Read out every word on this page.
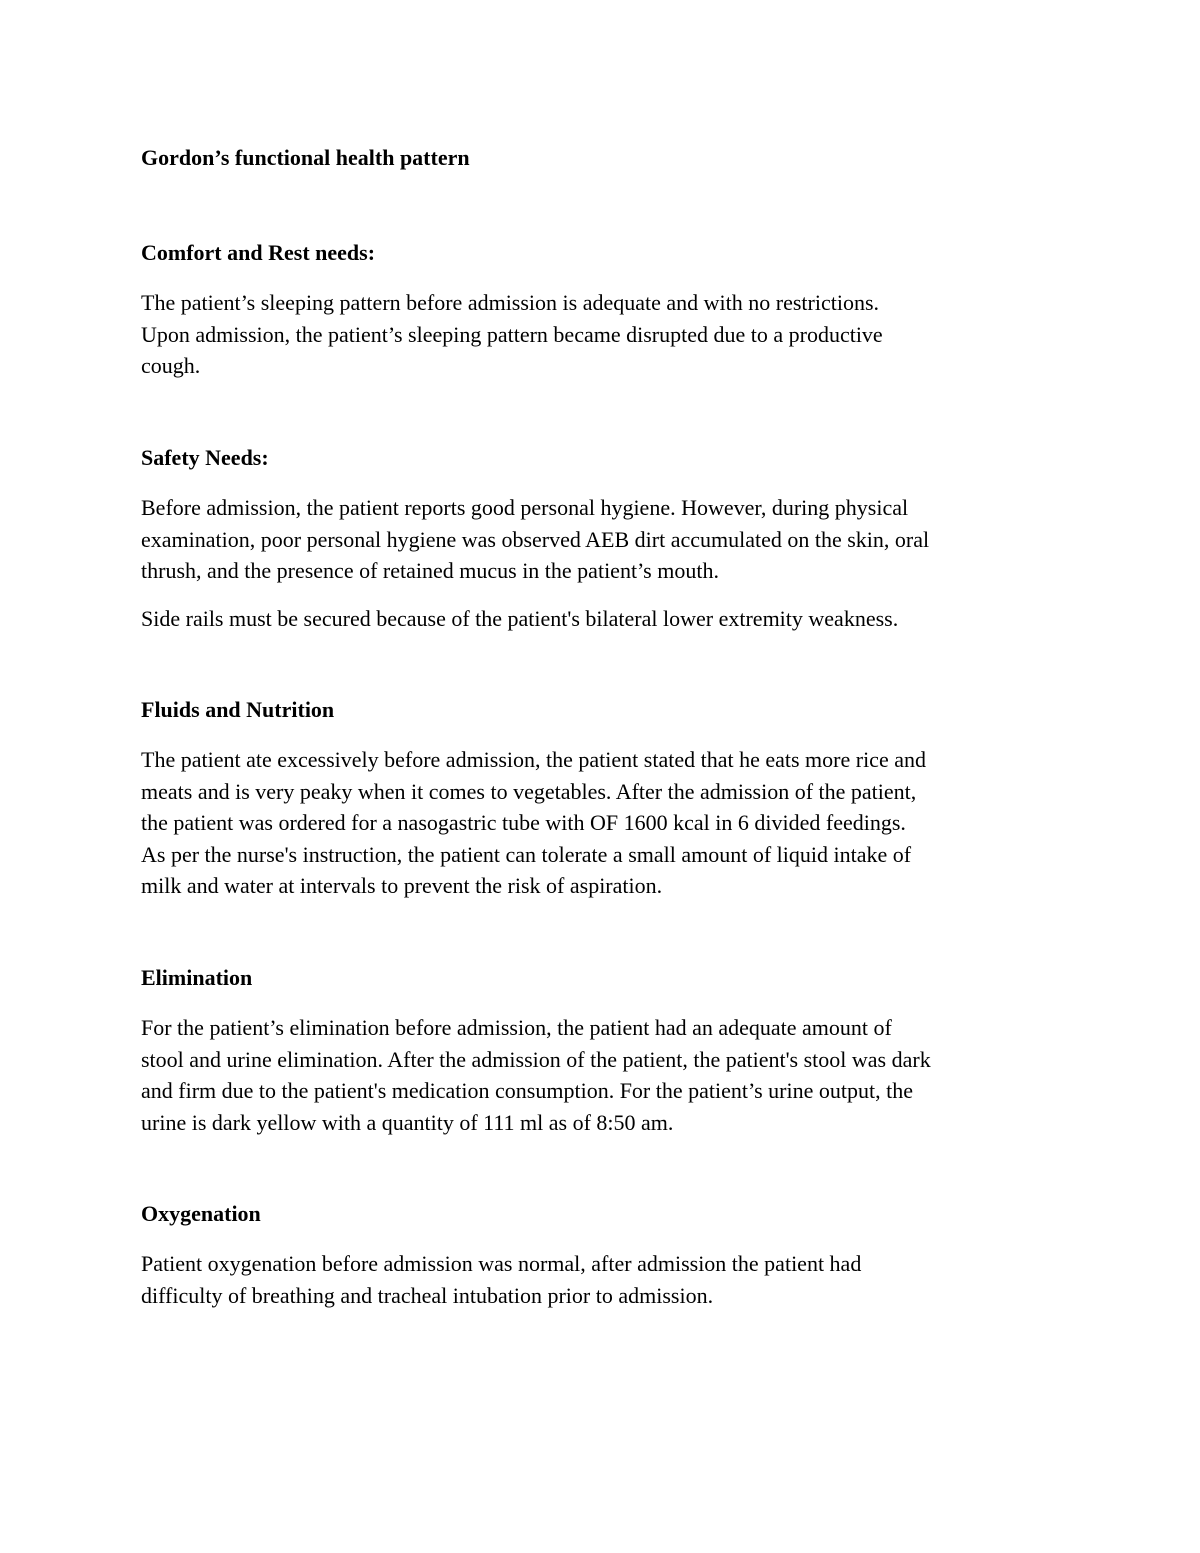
Gordon’s functional health pattern
Comfort and Rest needs:

The patient’s sleeping pattern before admission is adequate and with no restrictions.
Upon admission, the patient’s sleeping pattern became disrupted due to a productive
cough.

Safety Needs:

Before admission, the patient reports good personal hygiene. However, during physical
examination, poor personal hygiene was observed AEB dirt accumulated on the skin, oral
thrush, and the presence of retained mucus in the patient’s mouth.

Side rails must be secured because of the patient's bilateral lower extremity weakness.

Fluids and Nutrition

The patient ate excessively before admission, the patient stated that he eats more rice and
meats and is very peaky when it comes to vegetables. After the admission of the patient,
the patient was ordered for a nasogastric tube with OF 1600 kcal in 6 divided feedings.
As per the nurse's instruction, the patient can tolerate a small amount of liquid intake of
milk and water at intervals to prevent the risk of aspiration.

Elimination

For the patient’s elimination before admission, the patient had an adequate amount of
stool and urine elimination. After the admission of the patient, the patient's stool was dark
and firm due to the patient's medication consumption. For the patient’s urine output, the
urine is dark yellow with a quantity of 111 ml as of 8:50 am.

Oxygenation

Patient oxygenation before admission was normal, after admission the patient had
difficulty of breathing and tracheal intubation prior to admission.
